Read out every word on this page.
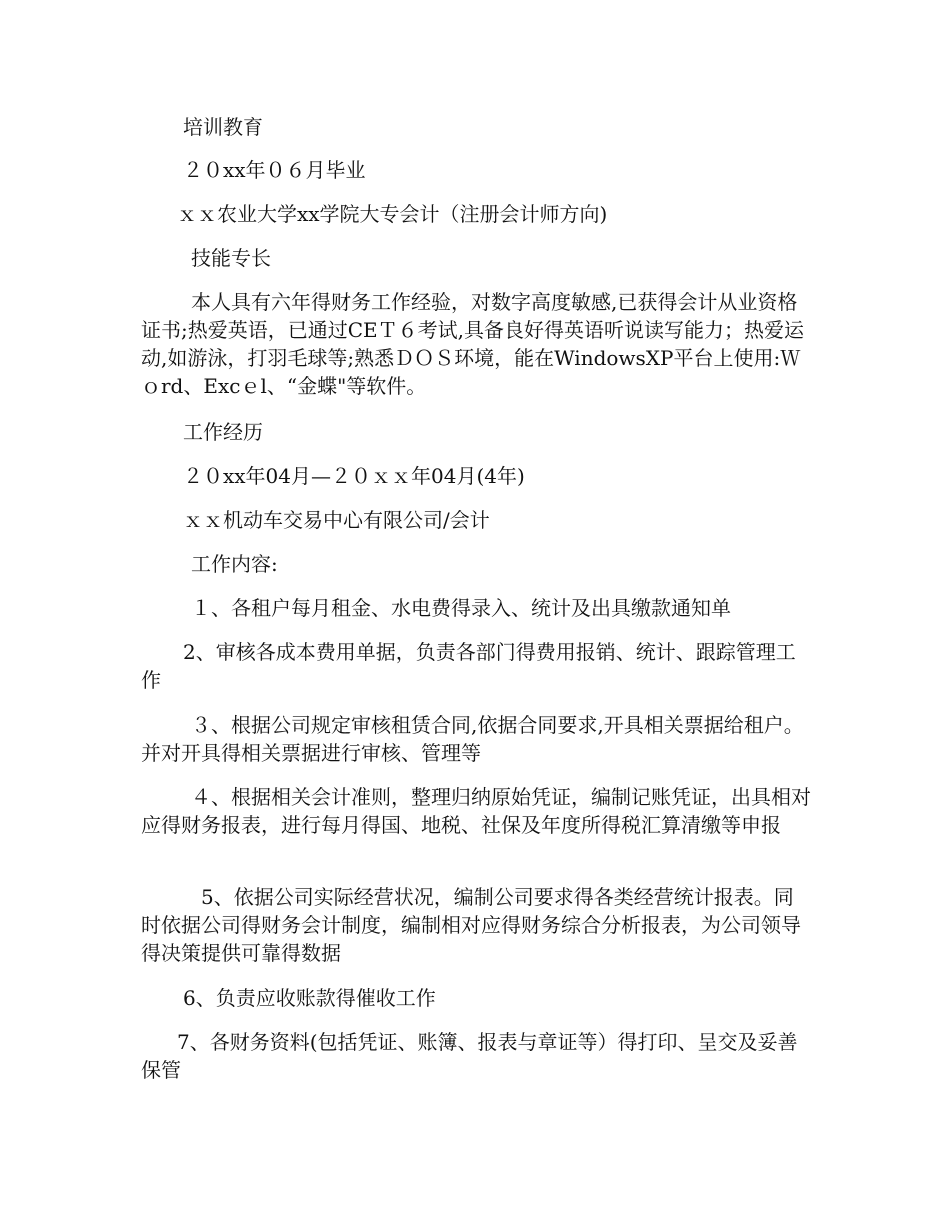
培训教育

２０xx年０６月毕业

ｘｘ农业大学xx学院大专会计（注册会计师方向)

技能专长

本人具有六年得财务工作经验，对数字高度敏感,已获得会计从业资格证书;热爱英语，已通过CEＴ６考试,具备良好得英语听说读写能力；热爱运动,如游泳，打羽毛球等;熟悉ＤＯＳ环境，能在WindowsXP平台上使用:Ｗｏrd、Excｅl、“金蝶"等软件。

工作经历

２０xx年04月—２０ｘｘ年04月(4年)

ｘｘ机动车交易中心有限公司/会计

工作内容:

１、各租户每月租金、水电费得录入、统计及出具缴款通知单

2、审核各成本费用单据，负责各部门得费用报销、统计、跟踪管理工作

３、根据公司规定审核租赁合同,依据合同要求,开具相关票据给租户。并对开具得相关票据进行审核、管理等

４、根据相关会计准则，整理归纳原始凭证，编制记账凭证，出具相对应得财务报表，进行每月得国、地税、社保及年度所得税汇算清缴等申报

5、依据公司实际经营状况，编制公司要求得各类经营统计报表。同时依据公司得财务会计制度，编制相对应得财务综合分析报表，为公司领导得决策提供可靠得数据

6、负责应收账款得催收工作

7、各财务资料(包括凭证、账簿、报表与章证等）得打印、呈交及妥善保管
